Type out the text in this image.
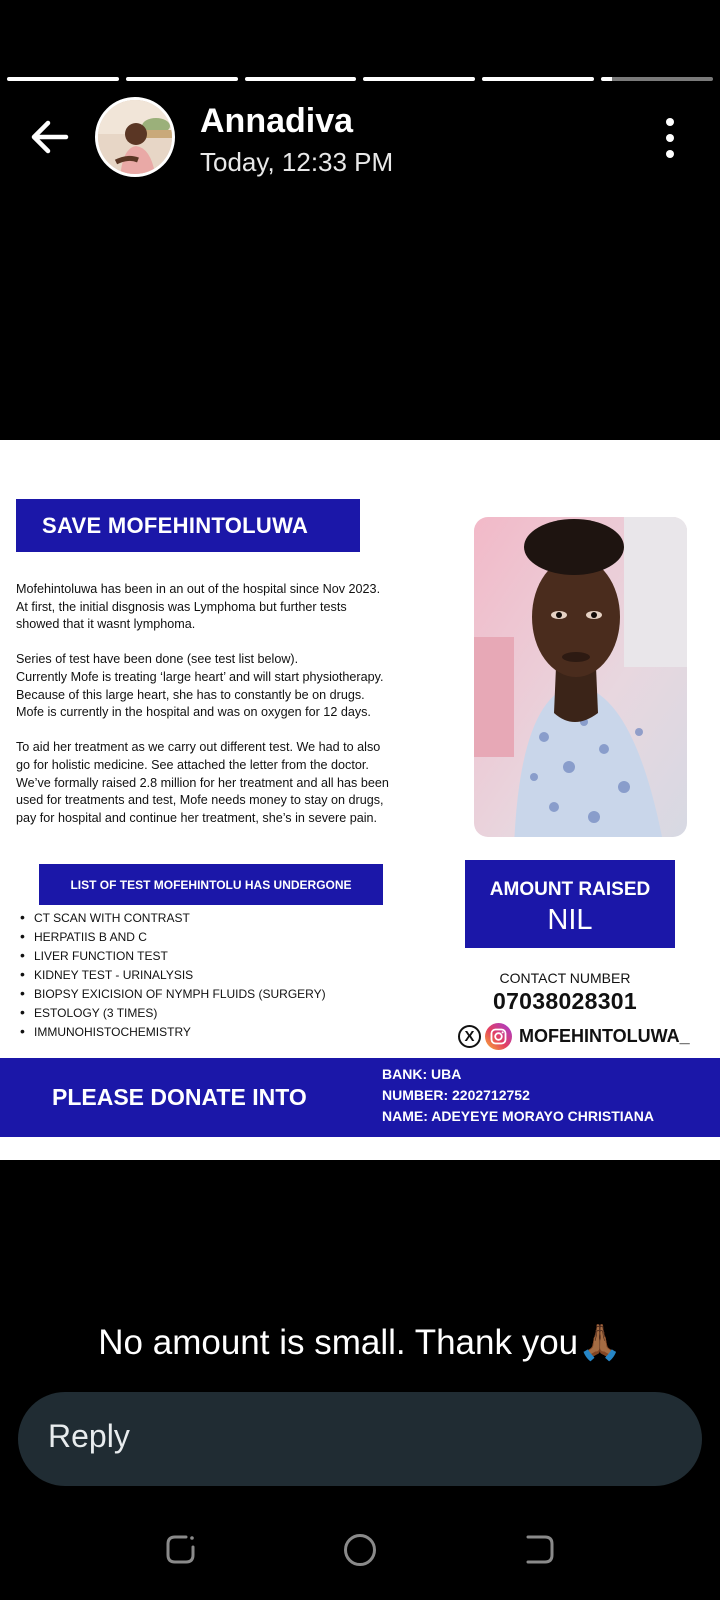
Annadiva
Today, 12:33 PM
SAVE MOFEHINTOLUWA

Mofehintoluwa has been in an out of the hospital since Nov 2023.
At first, the initial disgnosis was Lymphoma but further tests
showed that it wasnt lymphoma.

Series of test have been done (see test list below).
Currently Mofe is treating ‘large heart’ and will start physiotherapy.
Because of this large heart, she has to constantly be on drugs.
Mofe is currently in the hospital and was on oxygen for 12 days.

To aid her treatment as we carry out different test. We had to also
go for holistic medicine. See attached the letter from the doctor.
We’ve formally raised 2.8 million for her treatment and all has been
used for treatments and test, Mofe needs money to stay on drugs,
pay for hospital and continue her treatment, she’s in severe pain.

LIST OF TEST MOFEHINTOLU HAS UNDERGONE
• CT SCAN WITH CONTRAST
• HERPATIIS B AND C
• LIVER FUNCTION TEST
• KIDNEY TEST - URINALYSIS
• BIOPSY EXICISION OF NYMPH FLUIDS (SURGERY)
• ESTOLOGY (3 TIMES)
• IMMUNOHISTOCHEMISTRY
AMOUNT RAISED
NIL
CONTACT NUMBER
07038028301
X	MOFEHINTOLUWA_
PLEASE DONATE INTO
BANK: UBA
NUMBER: 2202712752
NAME: ADEYEYE MORAYO CHRISTIANA
No amount is small. Thank you🙏🏾
Reply
